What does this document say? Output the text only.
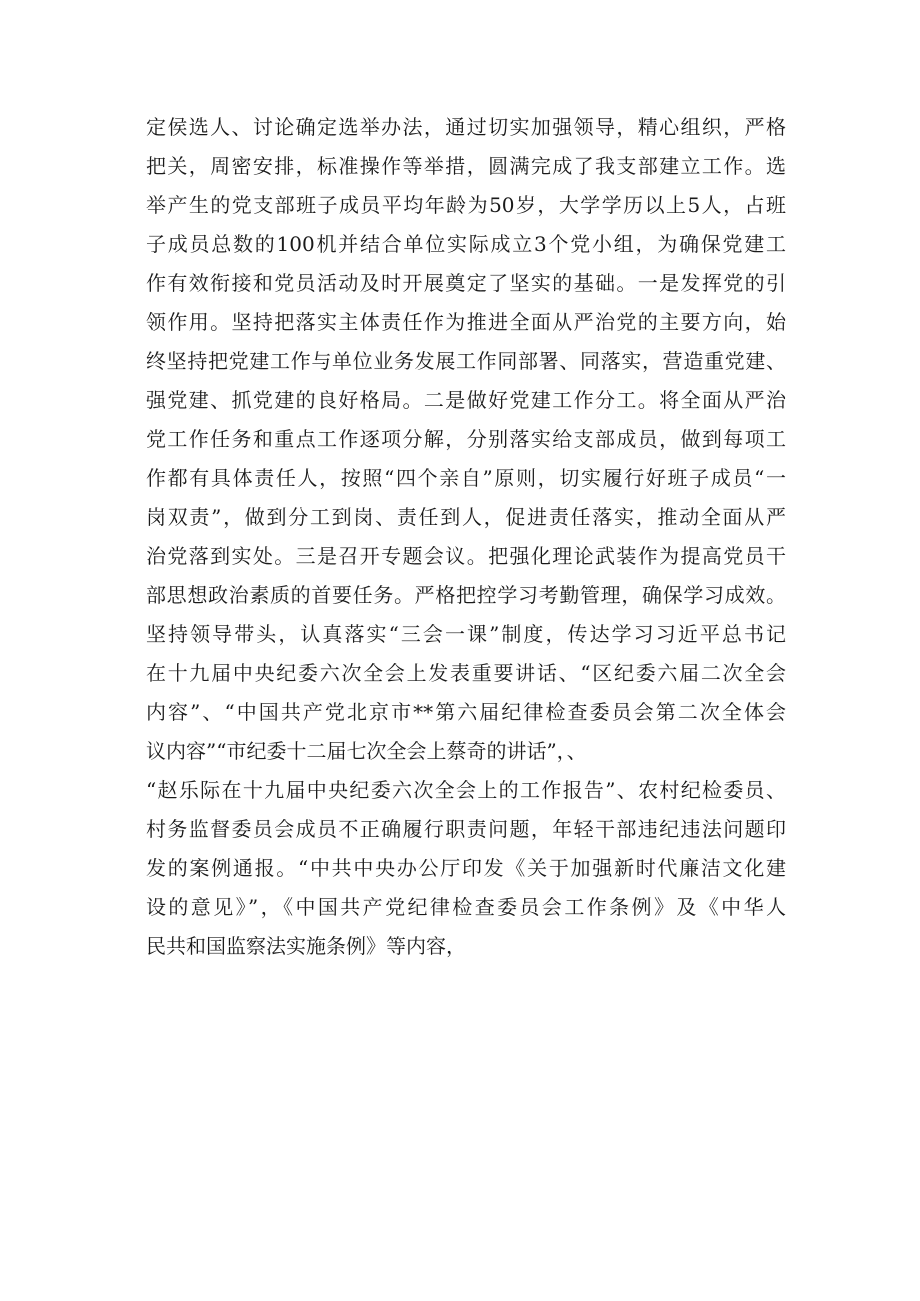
定侯选人、讨论确定选举办法，通过切实加强领导，精心组织，严格
把关，周密安排，标准操作等举措，圆满完成了我支部建立工作。选
举产生的党支部班子成员平均年龄为50岁，大学学历以上5人，占班
子成员总数的100机并结合单位实际成立3个党小组，为确保党建工
作有效衔接和党员活动及时开展奠定了坚实的基础。一是发挥党的引
领作用。坚持把落实主体责任作为推进全面从严治党的主要方向，始
终坚持把党建工作与单位业务发展工作同部署、同落实，营造重党建、
强党建、抓党建的良好格局。二是做好党建工作分工。将全面从严治
党工作任务和重点工作逐项分解，分别落实给支部成员，做到每项工
作都有具体责任人，按照“四个亲自”原则，切实履行好班子成员“一
岗双责”，做到分工到岗、责任到人，促进责任落实，推动全面从严
治党落到实处。三是召开专题会议。把强化理论武装作为提高党员干
部思想政治素质的首要任务。严格把控学习考勤管理，确保学习成效。
坚持领导带头，认真落实“三会一课”制度，传达学习习近平总书记
在十九届中央纪委六次全会上发表重要讲话、“区纪委六届二次全会
内容”、“中国共产党北京市**第六届纪律检查委员会第二次全体会
议内容”“市纪委十二届七次全会上蔡奇的讲话”，、
“赵乐际在十九届中央纪委六次全会上的工作报告”、农村纪检委员、
村务监督委员会成员不正确履行职责问题，年轻干部违纪违法问题印
发的案例通报。“中共中央办公厅印发《关于加强新时代廉洁文化建
设的意见》”，《中国共产党纪律检查委员会工作条例》及《中华人
民共和国监察法实施条例》等内容，
